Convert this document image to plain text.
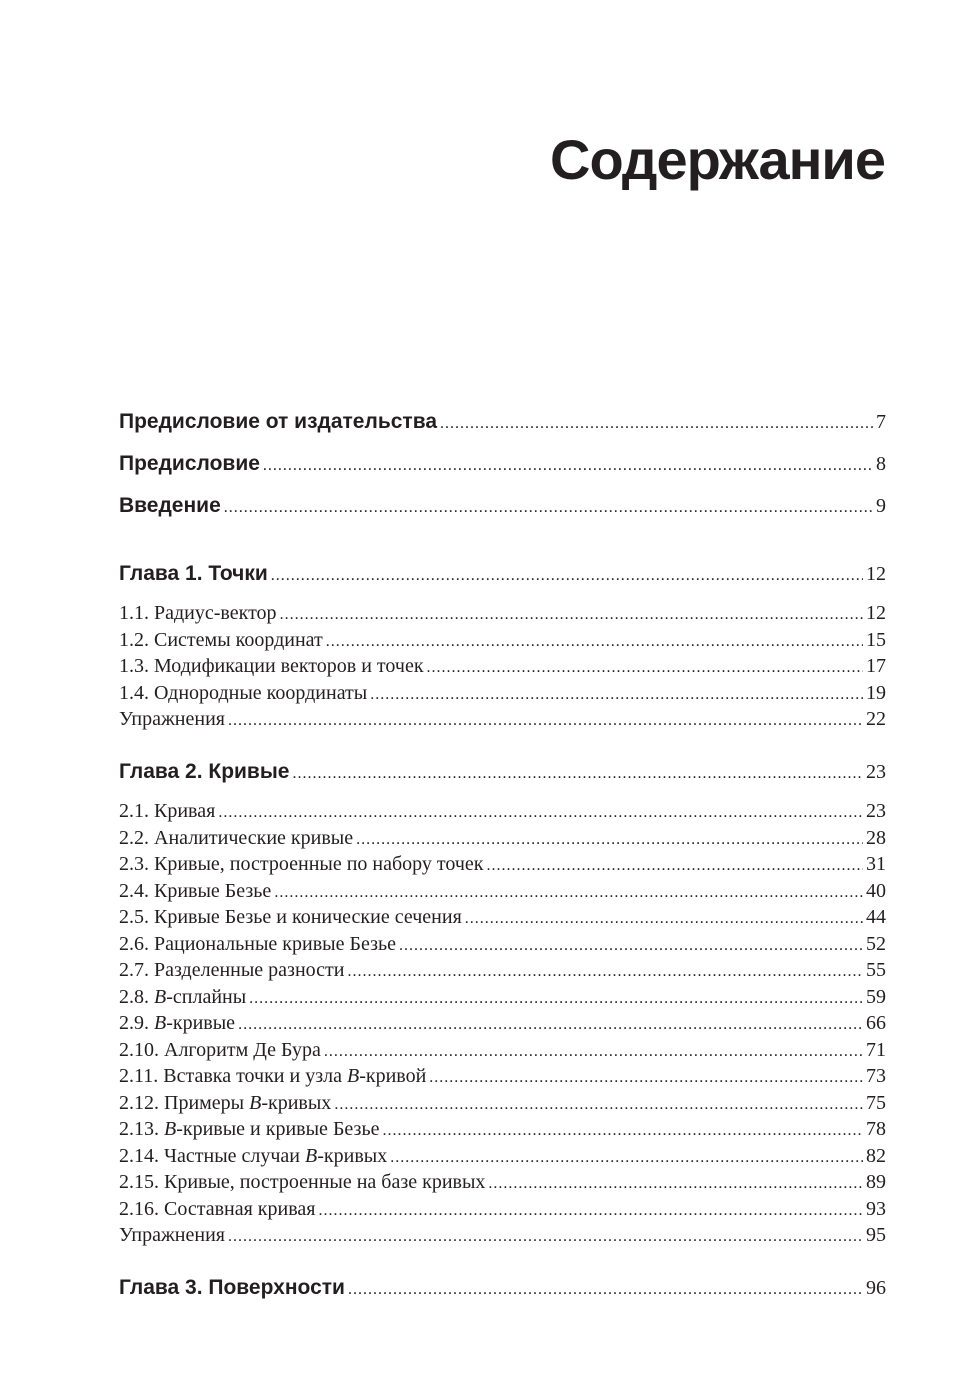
Содержание
Предисловие от издательства .....	7
Предисловие .....	8
Введение .....	9
Глава 1. Точки .....	12
1.1. Радиус-вектор .....	12
1.2. Системы координат .....	15
1.3. Модификации векторов и точек .....	17
1.4. Однородные координаты .....	19
Упражнения .....	22
Глава 2. Кривые .....	23
2.1. Кривая .....	23
2.2. Аналитические кривые .....	28
2.3. Кривые, построенные по набору точек .....	31
2.4. Кривые Безье .....	40
2.5. Кривые Безье и конические сечения .....	44
2.6. Рациональные кривые Безье .....	52
2.7. Разделенные разности .....	55
2.8. B-сплайны .....	59
2.9. B-кривые .....	66
2.10. Алгоритм Де Бура .....	71
2.11. Вставка точки и узла B-кривой .....	73
2.12. Примеры B-кривых .....	75
2.13. B-кривые и кривые Безье .....	78
2.14. Частные случаи B-кривых .....	82
2.15. Кривые, построенные на базе кривых .....	89
2.16. Составная кривая .....	93
Упражнения .....	95
Глава 3. Поверхности .....	96
